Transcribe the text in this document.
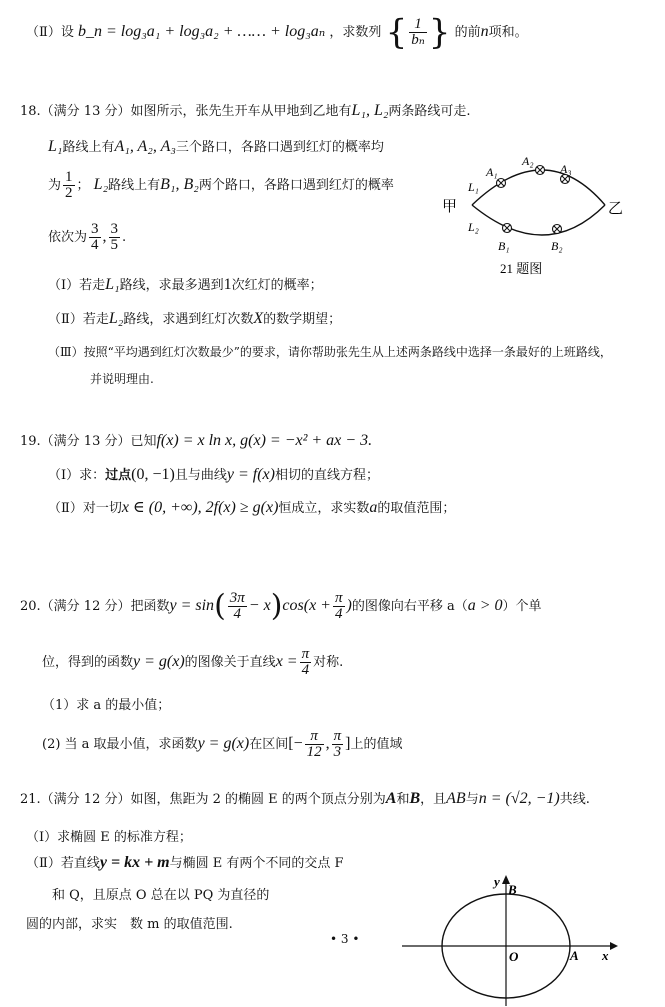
（Ⅱ）设 b_n = log₃a₁ + log₃a₂ + …… + log₃aₙ ，求数列 { $\frac{1}{\text{bₙ}}$ } 的前n项和。
18.（满分 13 分）如图所示，张先生开车从甲地到乙地有L₁, L₂两条路线可走.
L₁路线上有A₁, A₂, A₃三个路口，各路口遇到红灯的概率均
为 $\frac{1}{2}$ ； L₂路线上有B₁, B₂两个路口，各路口遇到红灯的概率
依次为 $\frac{3}{4}$ , $\frac{3}{5}$ .
（Ⅰ）若走L₁路线，求最多遇到1次红灯的概率；
（Ⅱ）若走L₂路线，求遇到红灯次数X的数学期望；
（Ⅲ）按照“平均遇到红灯次数最少”的要求，请你帮助张先生从上述两条路线中选择一条最好的上班路线，
并说明理由.
甲	乙
L₁
L₂
A₁
A₂
A₃
B₁	B₂
21 题图
19.（满分 13 分）已知f(x) = x ln x, g(x) = −x² + ax − 3.
（Ⅰ）求：过点(0, −1)且与曲线y = f(x)相切的直线方程；
（Ⅱ）对一切x ∈ (0, +∞), 2f(x) ≥ g(x)恒成立，求实数a的取值范围；
20.（满分 12 分）把函数$y = \sin( \frac{3\pi}{4} - x)\cos(x + \frac{\pi}{4}$ )的图像向右平移 a（a > 0）个单
位，得到的函数y = g(x)的图像关于直线$x = \frac{\pi}{4}$ 对称.
（1）求 a 的最小值；
(2) 当 a 取最小值，求函数y = g(x)在区间[− $\frac{\pi}{12}$ , $\frac{\pi}{3}$ ]上的值域
21.（满分 12 分）如图，焦距为 2 的椭圆 E 的两个顶点分别为A和B，且AB与n = (√2, −1)共线.
（Ⅰ）求椭圆 E 的标准方程；
（Ⅱ）若直线y = kx + m与椭圆 E 有两个不同的交点 F
和 Q，且原点 O 总在以 PQ 为直径的
圆的内部，求实　数 m 的取值范围.
• 3 •
y
B
O	A x
